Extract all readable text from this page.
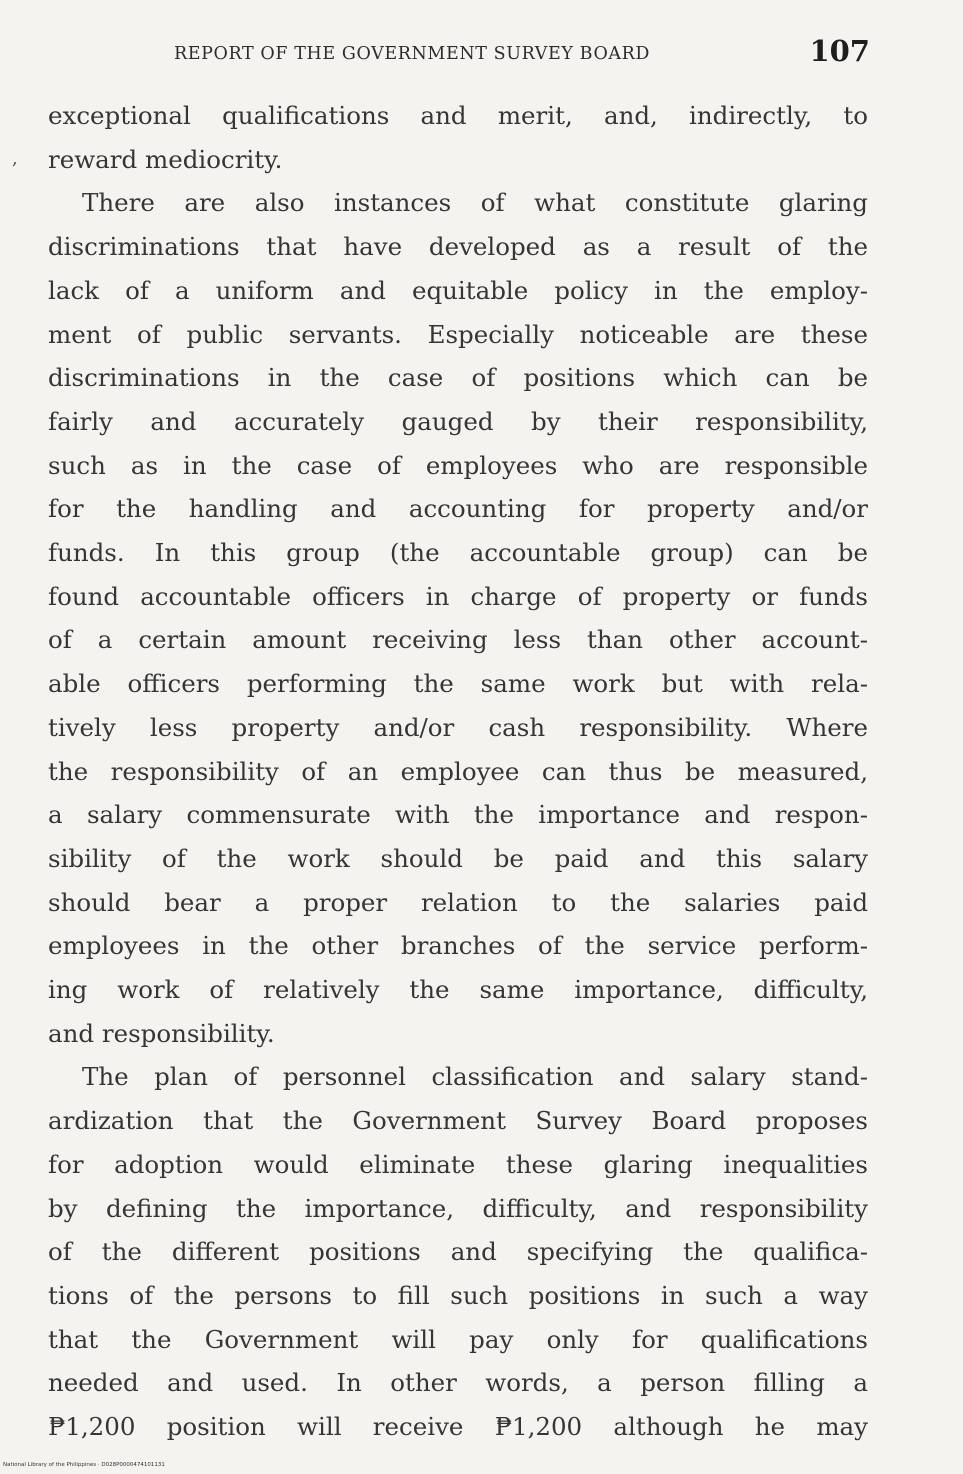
REPORT OF THE GOVERNMENT SURVEY BOARD	107
,
exceptional qualifications and merit, and, indirectly, to
reward mediocrity.
There are also instances of what constitute glaring
discriminations that have developed as a result of the
lack of a uniform and equitable policy in the employ-
ment of public servants. Especially noticeable are these
discriminations in the case of positions which can be
fairly and accurately gauged by their responsibility,
such as in the case of employees who are responsible
for the handling and accounting for property and/or
funds. In this group (the accountable group) can be
found accountable officers in charge of property or funds
of a certain amount receiving less than other account-
able officers performing the same work but with rela-
tively less property and/or cash responsibility. Where
the responsibility of an employee can thus be measured,
a salary commensurate with the importance and respon-
sibility of the work should be paid and this salary
should bear a proper relation to the salaries paid
employees in the other branches of the service perform-
ing work of relatively the same importance, difficulty,
and responsibility.
The plan of personnel classification and salary stand-
ardization that the Government Survey Board proposes
for adoption would eliminate these glaring inequalities
by defining the importance, difficulty, and responsibility
of the different positions and specifying the qualifica-
tions of the persons to fill such positions in such a way
that the Government will pay only for qualifications
needed and used. In other words, a person filling a
₱1,200 position will receive ₱1,200 although he may
National Library of the Philippines · D028P0000474101131
